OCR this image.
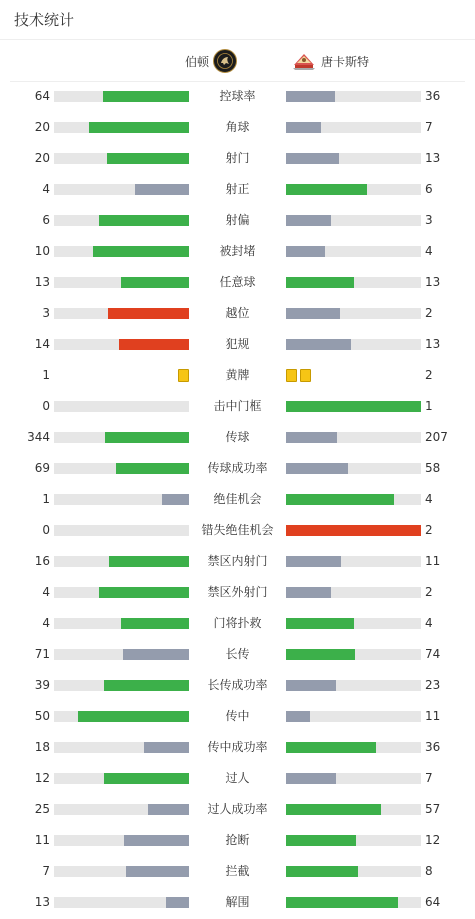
技术统计
伯顿	唐卡斯特
64	控球率	36
20	角球	7
20	射门	13
4	射正	6
6	射偏	3
10	被封堵	4
13	任意球	13
3	越位	2
14	犯规	13
1	黄牌	2
0	击中门框	1
344	传球	207
69	传球成功率	58
1	绝佳机会	4
0	错失绝佳机会	2
16	禁区内射门	11
4	禁区外射门	2
4	门将扑救	4
71	长传	74
39	长传成功率	23
50	传中	11
18	传中成功率	36
12	过人	7
25	过人成功率	57
11	抢断	12
7	拦截	8
13	解围	64
